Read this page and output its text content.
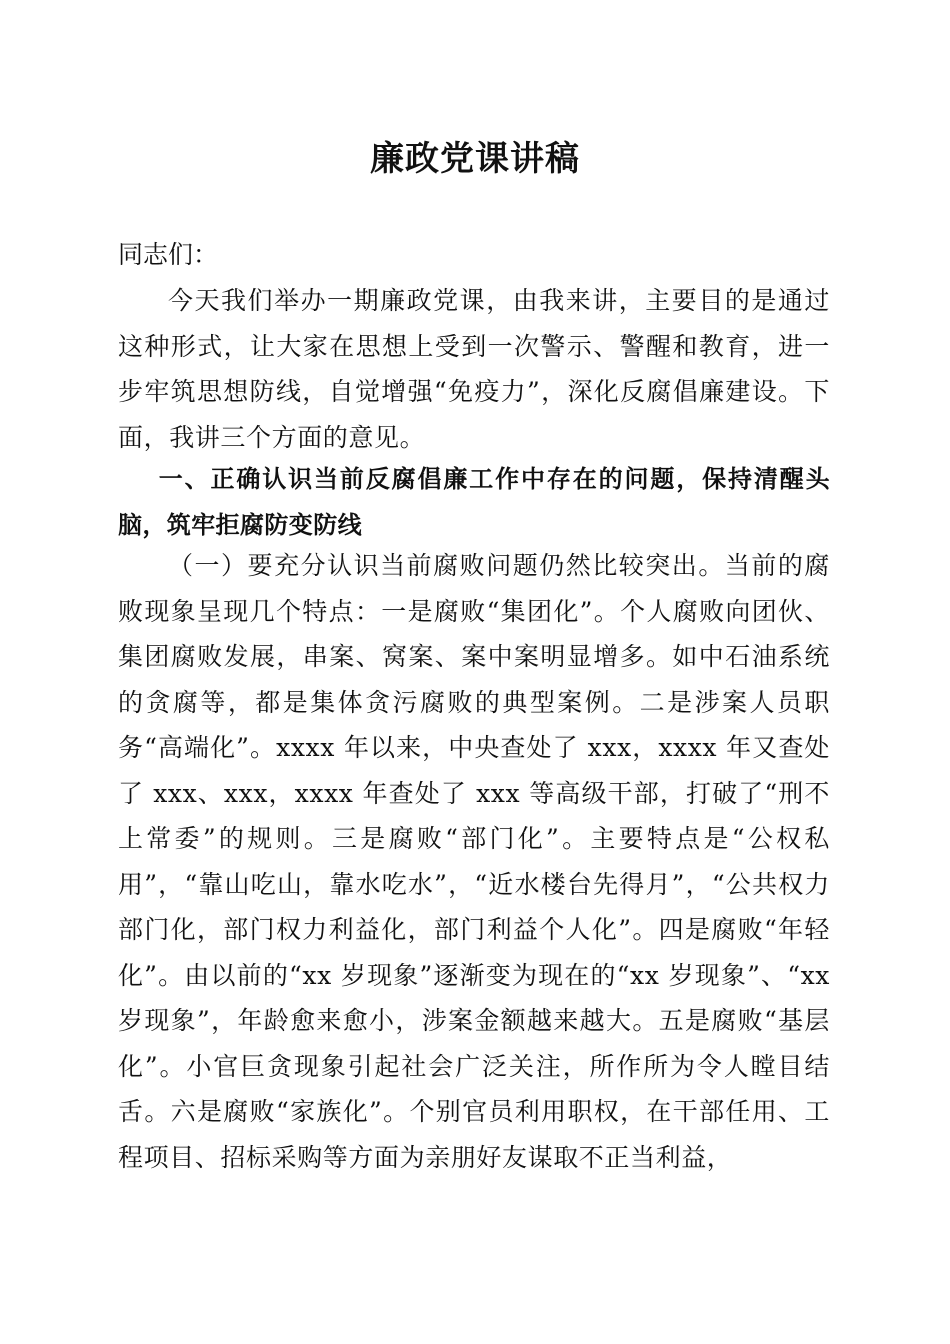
廉政党课讲稿
同志们：
今天我们举办一期廉政党课，由我来讲，主要目的是通过这种形式，让大家在思想上受到一次警示、警醒和教育，进一步牢筑思想防线，自觉增强“免疫力”，深化反腐倡廉建设。下面，我讲三个方面的意见。
一、正确认识当前反腐倡廉工作中存在的问题，保持清醒头脑，筑牢拒腐防变防线
（一）要充分认识当前腐败问题仍然比较突出。当前的腐败现象呈现几个特点：一是腐败“集团化”。个人腐败向团伙、集团腐败发展，串案、窝案、案中案明显增多。如中石油系统的贪腐等，都是集体贪污腐败的典型案例。二是涉案人员职务“高端化”。xxxx 年以来，中央查处了 xxx，xxxx 年又查处了 xxx、xxx，xxxx 年查处了 xxx 等高级干部，打破了“刑不上常委”的规则。三是腐败“部门化”。主要特点是“公权私用”，“靠山吃山，靠水吃水”，“近水楼台先得月”，“公共权力部门化，部门权力利益化，部门利益个人化”。四是腐败“年轻化”。由以前的“xx 岁现象”逐渐变为现在的“xx 岁现象”、“xx 岁现象”，年龄愈来愈小，涉案金额越来越大。五是腐败“基层化”。小官巨贪现象引起社会广泛关注，所作所为令人瞠目结舌。六是腐败“家族化”。个别官员利用职权，在干部任用、工程项目、招标采购等方面为亲朋好友谋取不正当利益，
